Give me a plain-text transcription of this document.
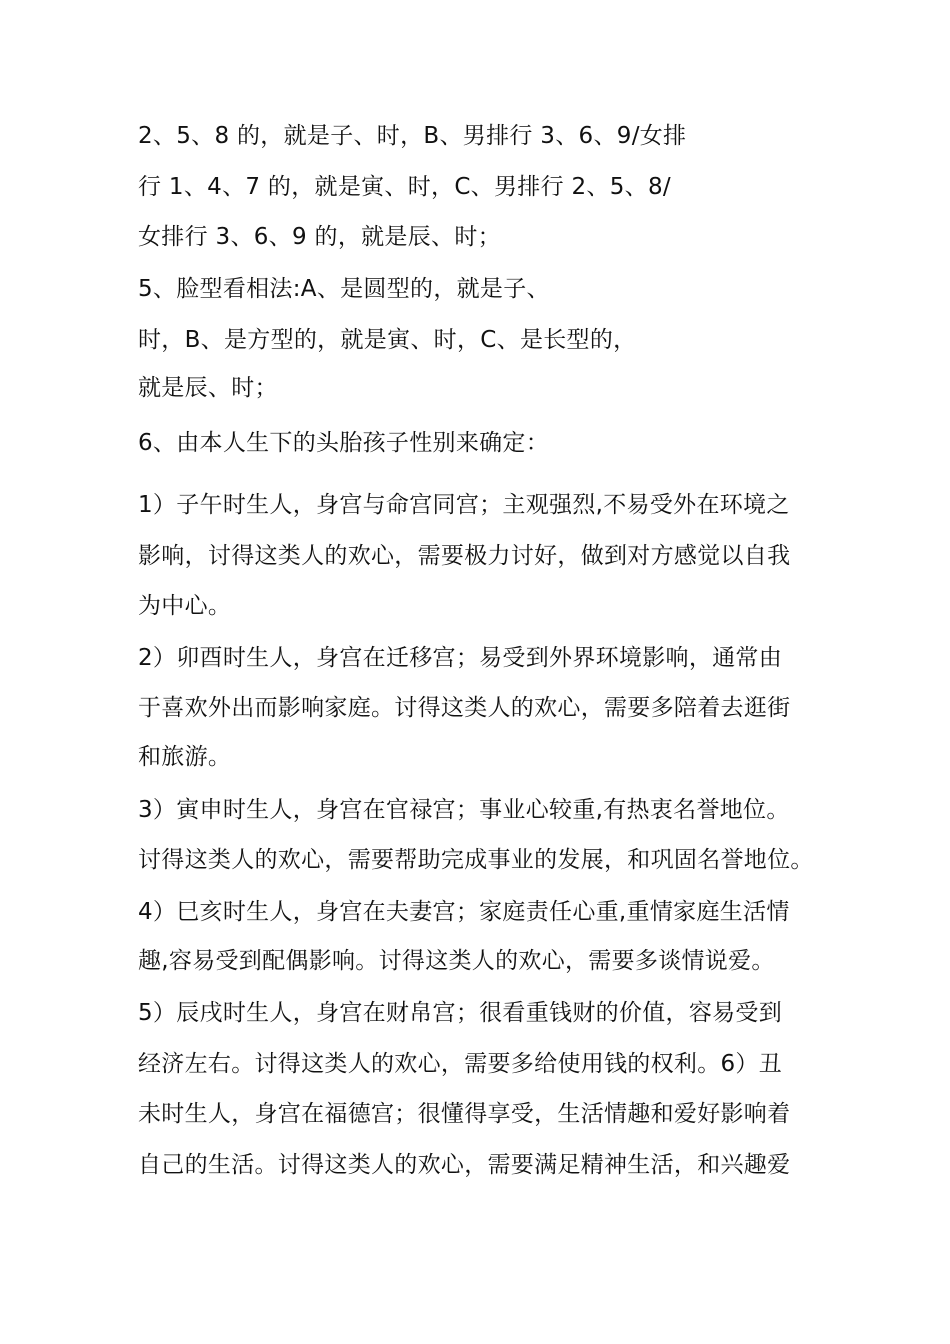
2、5、8 的，就是子、时，B、男排行 3、6、9/女排
行 1、4、7 的，就是寅、时，C、男排行 2、5、8/
女排行 3、6、9 的，就是辰、时；
5、脸型看相法:A、是圆型的，就是子、
时，B、是方型的，就是寅、时，C、是长型的，
就是辰、时；
6、由本人生下的头胎孩子性别来确定：
1）子午时生人，身宫与命宫同宫；主观强烈,不易受外在环境之
影响，讨得这类人的欢心，需要极力讨好，做到对方感觉以自我
为中心。
2）卯酉时生人，身宫在迁移宫；易受到外界环境影响，通常由
于喜欢外出而影响家庭。讨得这类人的欢心，需要多陪着去逛街
和旅游。
3）寅申时生人，身宫在官禄宫；事业心较重,有热衷名誉地位。
讨得这类人的欢心，需要帮助完成事业的发展，和巩固名誉地位。
4）巳亥时生人，身宫在夫妻宫；家庭责任心重,重情家庭生活情
趣,容易受到配偶影响。讨得这类人的欢心，需要多谈情说爱。
5）辰戌时生人，身宫在财帛宫；很看重钱财的价值，容易受到
经济左右。讨得这类人的欢心，需要多给使用钱的权利。6）丑
未时生人，身宫在福德宫；很懂得享受，生活情趣和爱好影响着
自己的生活。讨得这类人的欢心，需要满足精神生活，和兴趣爱
